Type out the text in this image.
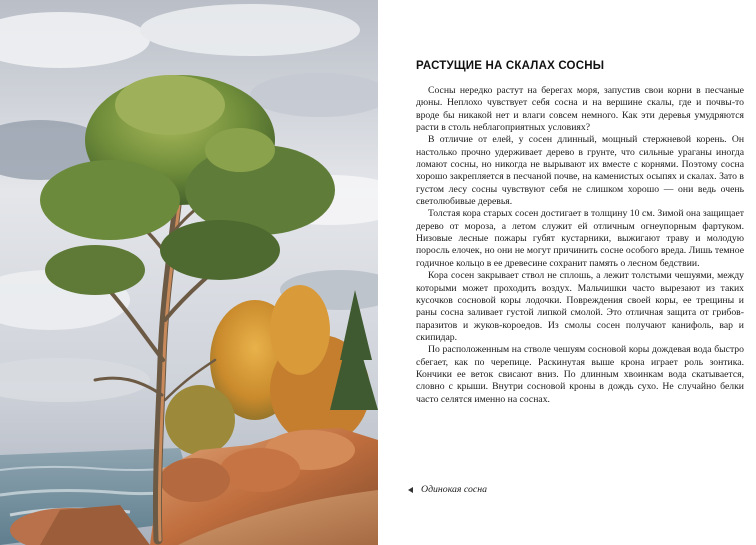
РАСТУЩИЕ НА СКАЛАХ СОСНЫ

Сосны нередко растут на берегах моря, запустив свои корни в песчаные дюны. Неплохо чувствует себя сосна и на вершине скалы, где и почвы-то вроде бы никакой нет и влаги совсем немного. Как эти деревья умудряются расти в столь неблагоприятных условиях?

В отличие от елей, у сосен длинный, мощный стержневой корень. Он настолько прочно удерживает дерево в грунте, что сильные ураганы иногда ломают сосны, но никогда не вырывают их вместе с корнями. Поэтому сосна хорошо закрепляется в песчаной почве, на каменистых осыпях и скалах. Зато в густом лесу сосны чувствуют себя не слишком хорошо — они ведь очень светолюбивые деревья.

Толстая кора старых сосен достигает в толщину 10 см. Зимой она защищает дерево от мороза, а летом служит ей отличным огнеупорным фартуком. Низовые лесные пожары губят кустарники, выжигают траву и молодую поросль елочек, но они не могут причинить сосне особого вреда. Лишь темное годичное кольцо в ее древесине сохранит память о лесном бедствии.

Кора сосен закрывает ствол не сплошь, а лежит толстыми чешуями, между которыми может проходить воздух. Мальчишки часто вырезают из таких кусочков сосновой коры лодочки. Повреждения своей коры, ее трещины и раны сосна заливает густой липкой смолой. Это отличная защита от грибов-паразитов и жуков-короедов. Из смолы сосен получают канифоль, вар и скипидар.

По расположенным на стволе чешуям сосновой коры дождевая вода быстро сбегает, как по черепице. Раскинутая выше крона играет роль зонтика. Кончики ее веток свисают вниз. По длинным хвоинкам вода скатывается, словно с крыши. Внутри сосновой кроны в дождь сухо. Не случайно белки часто селятся именно на соснах.

Одинокая сосна
